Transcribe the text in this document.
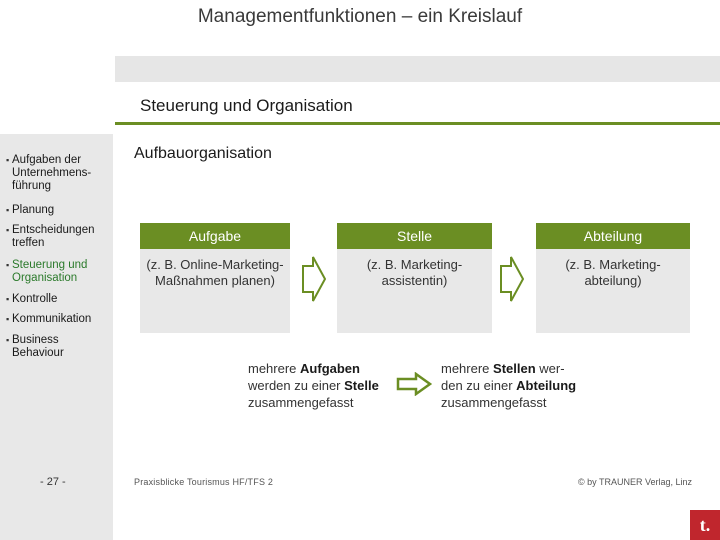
Managementfunktionen – ein Kreislauf
Steuerung und Organisation
▪ Aufgaben der Unternehmens-führung
▪ Planung
▪ Entscheidungen treffen
▪ Steuerung und Organisation
▪ Kontrolle
▪ Kommunikation
▪ Business Behaviour
Aufbauorganisation
Aufgabe
(z. B. Online-Marketing-Maßnahmen planen)
Stelle
(z. B. Marketing-assistentin)
Abteilung
(z. B. Marketing-abteilung)
mehrere Aufgaben
werden zu einer Stelle
zusammengefasst
mehrere Stellen wer-
den zu einer Abteilung
zusammengefasst
- 27 -	Praxisblicke Tourismus HF/TFS 2	© by TRAUNER Verlag, Linz
t.
